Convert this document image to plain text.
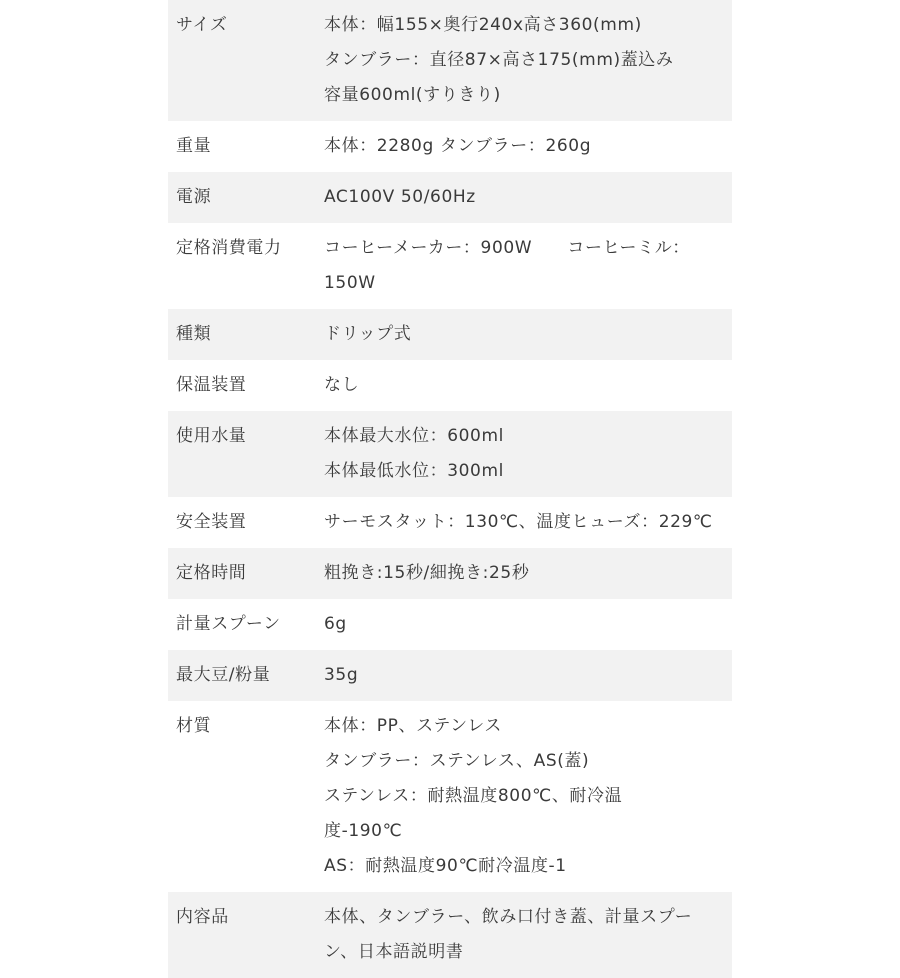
サイズ	本体：幅155×奥行240x高さ360(mm)
タンブラー：直径87×高さ175(mm)蓋込み
容量600ml(すりきり)

重量	本体：2280g タンブラー：260g

電源	AC100V 50/60Hz

定格消費電力	コーヒーメーカー：900W　　コーヒーミル：
150W

種類	ドリップ式

保温装置	なし

使用水量	本体最大水位：600ml
本体最低水位：300ml

安全装置	サーモスタット：130℃、温度ヒューズ：229℃

定格時間	粗挽き:15秒/細挽き:25秒

計量スプーン	6g

最大豆/粉量	35g

材質	本体：PP、ステンレス
タンブラー：ステンレス、AS(蓋)
ステンレス：耐熱温度800℃、耐冷温
度-190℃
AS：耐熱温度90℃耐冷温度-1

内容品	本体、タンブラー、飲み口付き蓋、計量スプー
ン、日本語説明書
